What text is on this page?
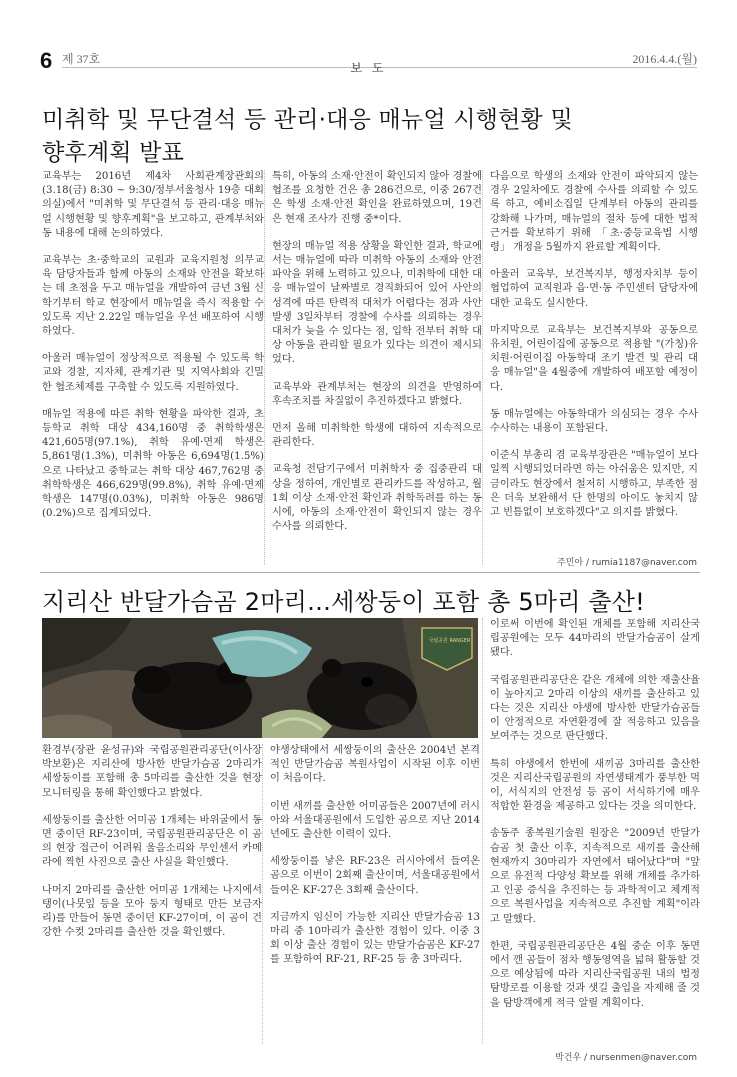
6 제 37호
보 도
2016.4.4.(월)
미취학 및 무단결석 등 관리·대응 매뉴얼 시행현황 및
향후계획 발표

교육부는 2016년 제4차 사회관계장관회의(3.18(금) 8:30 ~ 9:30/정부서울청사 19층 대회의실)에서 "미취학 및 무단결석 등 관리·대응 매뉴얼 시행현황 및 향후계획"을 보고하고, 관계부처와 동 내용에 대해 논의하였다.

교육부는 초·중학교의 교원과 교육지원청 의무교육 담당자들과 함께 아동의 소재와 안전을 확보하는 데 초점을 두고 매뉴얼을 개발하여 금년 3월 신학기부터 학교 현장에서 매뉴얼을 즉시 적용할 수 있도록 지난 2.22일 매뉴얼을 우선 배포하여 시행하였다.

아울러 매뉴얼이 정상적으로 적용될 수 있도록 학교와 경찰, 지자체, 관계기관 및 지역사회와 긴밀한 협조체제를 구축할 수 있도록 지원하였다.

매뉴얼 적용에 따른 취학 현황을 파악한 결과, 초등학교 취학 대상 434,160명 중 취학학생은 421,605명(97.1%), 취학 유예·면제 학생은 5,861명(1.3%), 미취학 아동은 6,694명(1.5%)으로 나타났고 중학교는 취학 대상 467,762명 중 취학학생은 466,629명(99.8%), 취학 유예·면제 학생은 147명(0.03%), 미취학 아동은 986명(0.2%)으로 집계되었다.

특히, 아동의 소재·안전이 확인되지 않아 경찰에 협조를 요청한 건은 총 286건으로, 이중 267건은 학생 소재·안전 확인을 완료하였으며, 19건은 현재 조사가 진행 중*이다.

현장의 매뉴얼 적용 상황을 확인한 결과, 학교에서는 매뉴얼에 따라 미취학 아동의 소재와 안전 파악을 위해 노력하고 있으나, 미취학에 대한 대응 매뉴얼이 날짜별로 경직화되어 있어 사안의 성격에 따른 탄력적 대처가 어렵다는 점과 사안 발생 3일차부터 경찰에 수사를 의뢰하는 경우 대처가 늦을 수 있다는 점, 입학 전부터 취학 대상 아동을 관리할 필요가 있다는 의견이 제시되었다.

교육부와 관계부처는 현장의 의견을 반영하여 후속조치를 차질없이 추진하겠다고 밝혔다.

먼저 올해 미취학한 학생에 대하여 지속적으로 관리한다.

교육청 전담기구에서 미취학자 중 집중관리 대상을 정하여, 개인별로 관리카드를 작성하고, 월 1회 이상 소재·안전 확인과 취학독려를 하는 동시에, 아동의 소재·안전이 확인되지 않는 경우 수사를 의뢰한다.

다음으로 학생의 소재와 안전이 파악되지 않는 경우 2일차에도 경찰에 수사를 의뢰할 수 있도록 하고, 예비소집일 단계부터 아동의 관리를 강화해 나가며, 매뉴얼의 절차 등에 대한 법적 근거를 확보하기 위해 「초·중등교육법 시행령」 개정을 5월까지 완료할 계획이다.

아울러 교육부, 보건복지부, 행정자치부 등이 협업하여 교직원과 읍·면·동 주민센터 담당자에 대한 교육도 실시한다.

마지막으로 교육부는 보건복지부와 공동으로 유치원, 어린이집에 공동으로 적용할 "(가칭)유치원·어린이집 아동학대 조기 발견 및 관리 대응 매뉴얼"을 4월중에 개발하여 배포할 예정이다.

동 매뉴얼에는 아동학대가 의심되는 경우 수사 수사하는 내용이 포함된다.

이준식 부총리 겸 교육부장관은 "매뉴얼이 보다 일찍 시행되었더라면 하는 아쉬움은 있지만, 지금이라도 현장에서 철저히 시행하고, 부족한 점은 더욱 보완해서 단 한명의 아이도 놓치지 않고 빈틈없이 보호하겠다"고 의지를 밝혔다.

주민아 / rumia1187@naver.com
지리산 반달가슴곰 2마리…세쌍둥이 포함 총 5마리 출산!
국립공원 RANGER

환경부(장관 윤성규)와 국립공원관리공단(이사장 박보환)은 지리산에 방사한 반달가슴곰 2마리가 세쌍둥이를 포함해 총 5마리를 출산한 것을 현장 모니터링을 통해 확인했다고 밝혔다.

세쌍둥이를 출산한 어미곰 1개체는 바위굴에서 동면 중이던 RF-23이며, 국립공원관리공단은 이 곰의 현장 접근이 어려워 울음소리와 무인센서 카메라에 찍힌 사진으로 출산 사실을 확인했다.

나머지 2마리를 출산한 어미곰 1개체는 나지에서 탱이(나뭇잎 등을 모아 둥지 형태로 만든 보금자리)를 만들어 동면 중이던 KF-27이며, 이 곰이 건강한 수컷 2마리를 출산한 것을 확인했다.

야생상태에서 세쌍둥이의 출산은 2004년 본격적인 반달가슴곰 복원사업이 시작된 이후 이번이 처음이다.

이번 새끼를 출산한 어미곰들은 2007년에 러시아와 서울대공원에서 도입한 곰으로 지난 2014년에도 출산한 이력이 있다.

세쌍둥이를 낳은 RF-23은 러시아에서 들여온 곰으로 이번이 2회째 출산이며, 서울대공원에서 들여온 KF-27은 3회째 출산이다.

지금까지 임신이 가능한 지리산 반달가슴곰 13마리 중 10마리가 출산한 경험이 있다. 이중 3회 이상 출산 경험이 있는 반달가슴곰은 KF-27를 포함하여 RF-21, RF-25 등 총 3마리다.

이로써 이번에 확인된 개체를 포함해 지리산국립공원에는 모두 44마리의 반달가슴곰이 살게 됐다.

국립공원관리공단은 같은 개체에 의한 재출산율이 높아지고 2마리 이상의 새끼를 출산하고 있다는 것은 지리산 야생에 방사한 반달가슴곰들이 안정적으로 자연환경에 잘 적응하고 있음을 보여주는 것으로 판단했다.

특히 야생에서 한번에 새끼곰 3마리를 출산한 것은 지리산국립공원의 자연생태계가 풍부한 먹이, 서식지의 안전성 등 곰이 서식하기에 매우 적합한 환경을 제공하고 있다는 것을 의미한다.

송동주 종복원기술원 원장은 "2009년 반달가슴곰 첫 출산 이후, 지속적으로 새끼를 출산해 현재까지 30마리가 자연에서 태어났다"며 "앞으로 유전적 다양성 확보를 위해 개체를 추가하고 인공 증식을 추진하는 등 과학적이고 체계적으로 복원사업을 지속적으로 추진할 계획"이라고 말했다.

한편, 국립공원관리공단은 4월 중순 이후 동면에서 깬 곰들이 점차 행동영역을 넓혀 활동할 것으로 예상됨에 따라 지리산국립공원 내의 법정 탐방로를 이용할 것과 샛길 출입을 자제해 줄 것을 탐방객에게 적극 알릴 계획이다.

박건우 / nursenmen@naver.com
